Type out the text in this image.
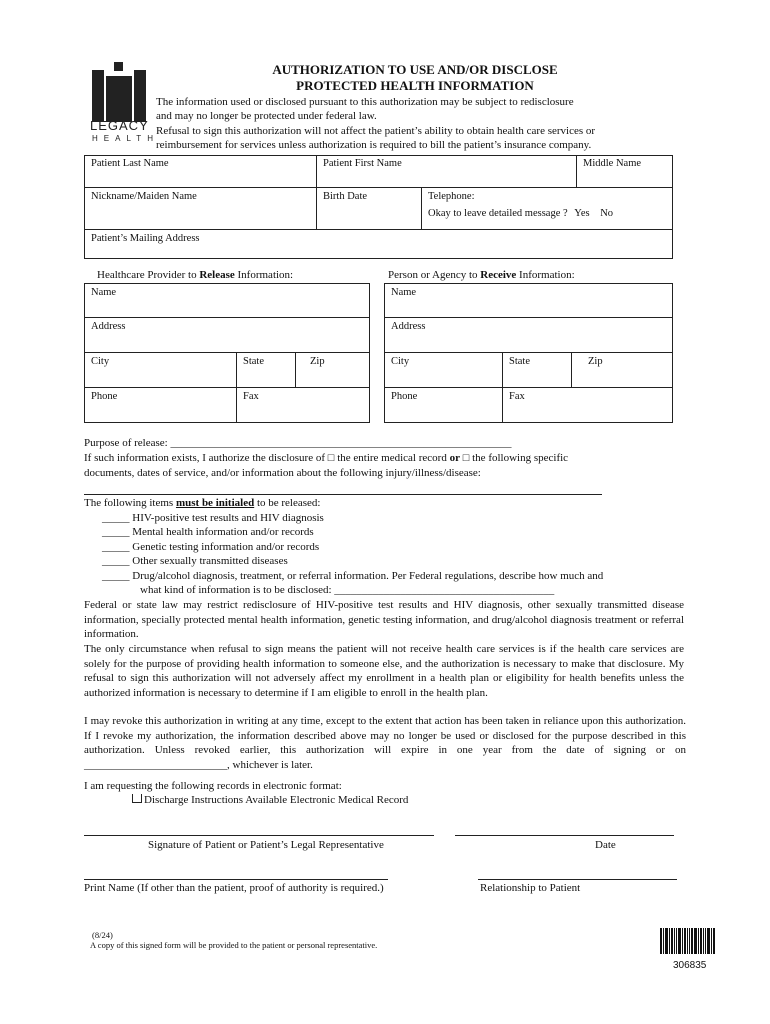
LEGACY
HEALTH
AUTHORIZATION TO USE AND/OR DISCLOSE
PROTECTED HEALTH INFORMATION
The information used or disclosed pursuant to this authorization may be subject to redisclosure
and may no longer be protected under federal law.
Refusal to sign this authorization will not affect the patient’s ability to obtain health care services or
reimbursement for services unless authorization is required to bill the patient’s insurance company.
Patient Last Name	Patient First Name	Middle Name
Nickname/Maiden Name	Birth Date	Telephone:
Okay to leave detailed message ? Yes No
Patient’s Mailing Address
Healthcare Provider to Release Information:	Person or Agency to Receive Information:
Name
Address
City	State	Zip
Phone	Fax
Name
Address
City	State	Zip
Phone	Fax
Purpose of release: ______________________________________________________________
If such information exists, I authorize the disclosure of □ the entire medical record or □ the following specific
documents, dates of service, and/or information about the following injury/illness/disease:
The following items must be initialed to be released:
_____ HIV-positive test results and HIV diagnosis
_____ Mental health information and/or records
_____ Genetic testing information and/or records
_____ Other sexually transmitted diseases
_____ Drug/alcohol diagnosis, treatment, or referral information. Per Federal regulations, describe how much and
what kind of information is to be disclosed: ________________________________________
Federal or state law may restrict redisclosure of HIV-positive test results and HIV diagnosis, other sexually transmitted disease information, specially protected mental health information, genetic testing information, and drug/alcohol diagnosis treatment or referral information.
The only circumstance when refusal to sign means the patient will not receive health care services is if the health care services are solely for the purpose of providing health information to someone else, and the authorization is necessary to make that disclosure. My refusal to sign this authorization will not adversely affect my enrollment in a health plan or eligibility for health benefits unless the authorized information is necessary to determine if I am eligible to enroll in the health plan.
I may revoke this authorization in writing at any time, except to the extent that action has been taken in reliance upon this authorization. If I revoke my authorization, the information described above may no longer be used or disclosed for the purpose described in this authorization. Unless revoked earlier, this authorization will expire in one year from the date of signing or on __________________________, whichever is later.
I am requesting the following records in electronic format:
Discharge Instructions Available Electronic Medical Record
Signature of Patient or Patient’s Legal Representative	Date
Print Name (If other than the patient, proof of authority is required.)	Relationship to Patient
(8/24)
A copy of this signed form will be provided to the patient or personal representative.
306835
